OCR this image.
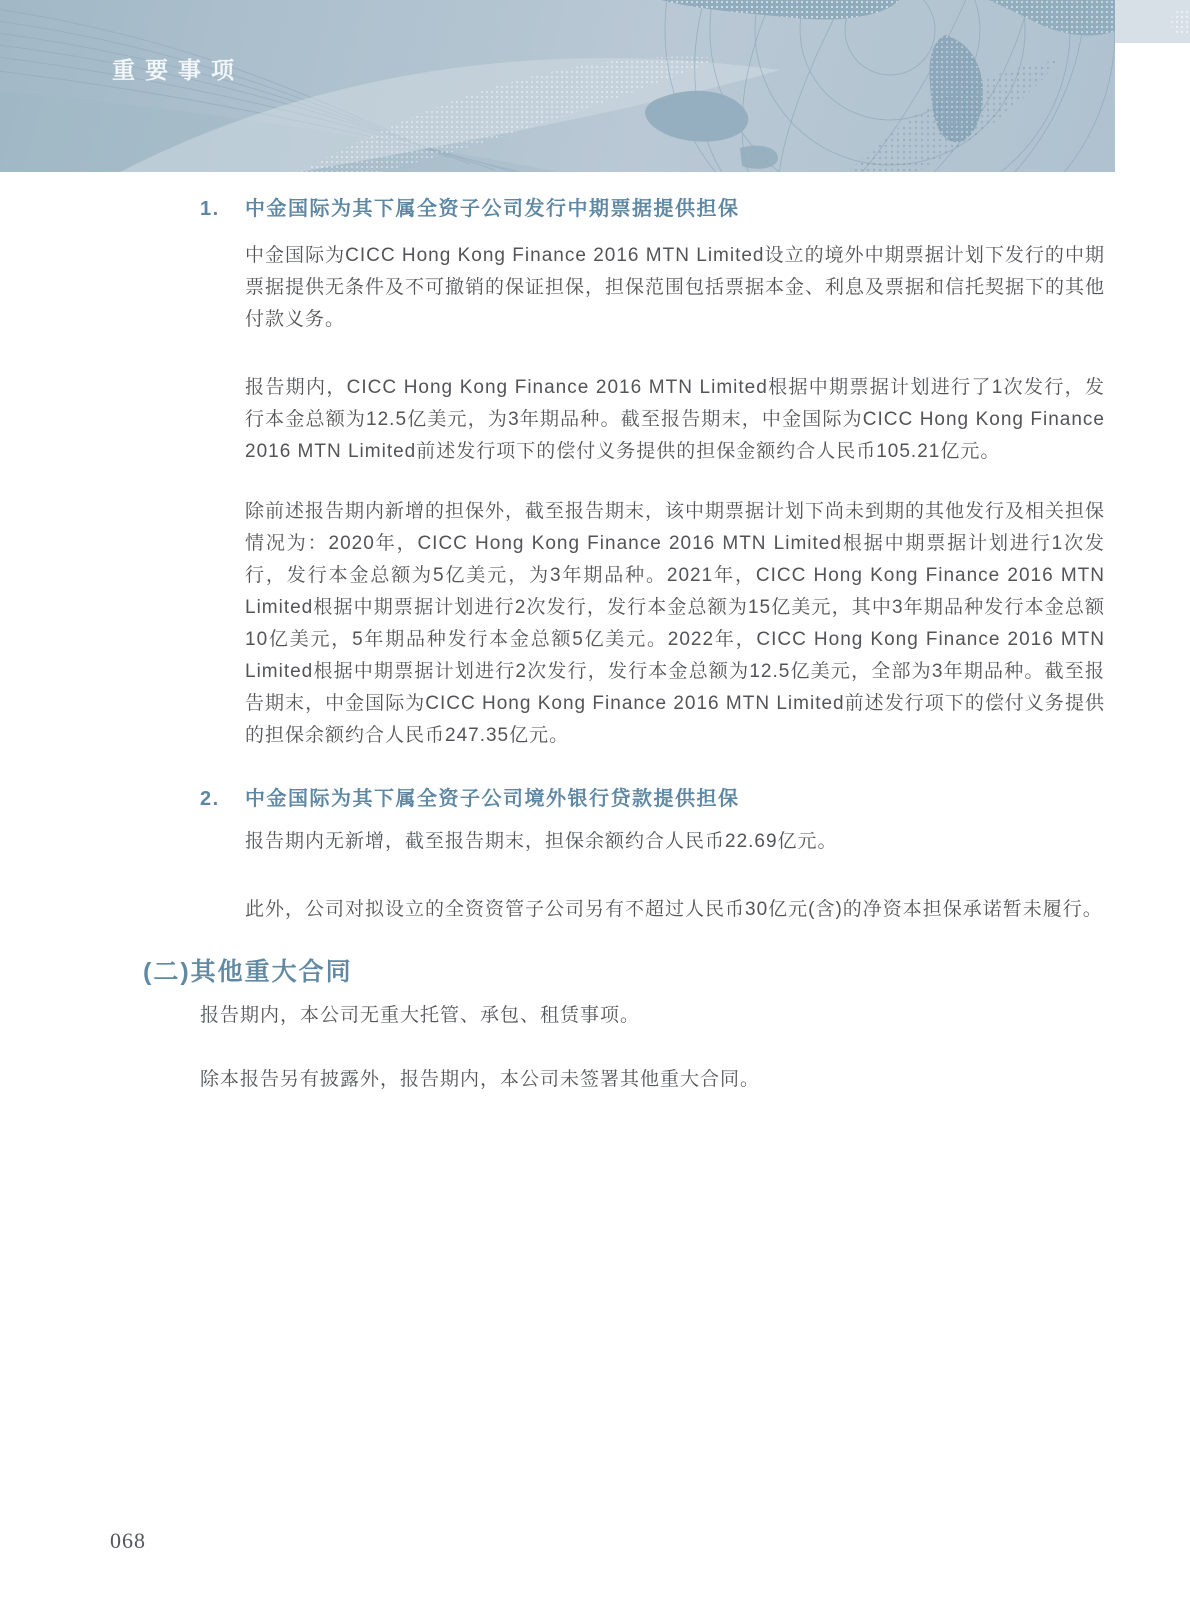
重要事项

1.	中金国际为其下属全资子公司发行中期票据提供担保

中金国际为CICC Hong Kong Finance 2016 MTN Limited设立的境外中期票据计划下发行的中期票据提供无条件及不可撤销的保证担保，担保范围包括票据本金、利息及票据和信托契据下的其他付款义务。

报告期内，CICC Hong Kong Finance 2016 MTN Limited根据中期票据计划进行了1次发行，发行本金总额为12.5亿美元，为3年期品种。截至报告期末，中金国际为CICC Hong Kong Finance 2016 MTN Limited前述发行项下的偿付义务提供的担保金额约合人民币105.21亿元。

除前述报告期内新增的担保外，截至报告期末，该中期票据计划下尚未到期的其他发行及相关担保情况为：2020年，CICC Hong Kong Finance 2016 MTN Limited根据中期票据计划进行1次发行，发行本金总额为5亿美元，为3年期品种。2021年，CICC Hong Kong Finance 2016 MTN Limited根据中期票据计划进行2次发行，发行本金总额为15亿美元，其中3年期品种发行本金总额10亿美元，5年期品种发行本金总额5亿美元。2022年，CICC Hong Kong Finance 2016 MTN Limited根据中期票据计划进行2次发行，发行本金总额为12.5亿美元，全部为3年期品种。截至报告期末，中金国际为CICC Hong Kong Finance 2016 MTN Limited前述发行项下的偿付义务提供的担保余额约合人民币247.35亿元。

2.	中金国际为其下属全资子公司境外银行贷款提供担保

报告期内无新增，截至报告期末，担保余额约合人民币22.69亿元。

此外，公司对拟设立的全资资管子公司另有不超过人民币30亿元(含)的净资本担保承诺暂未履行。

(二)其他重大合同

报告期内，本公司无重大托管、承包、租赁事项。

除本报告另有披露外，报告期内，本公司未签署其他重大合同。

068
